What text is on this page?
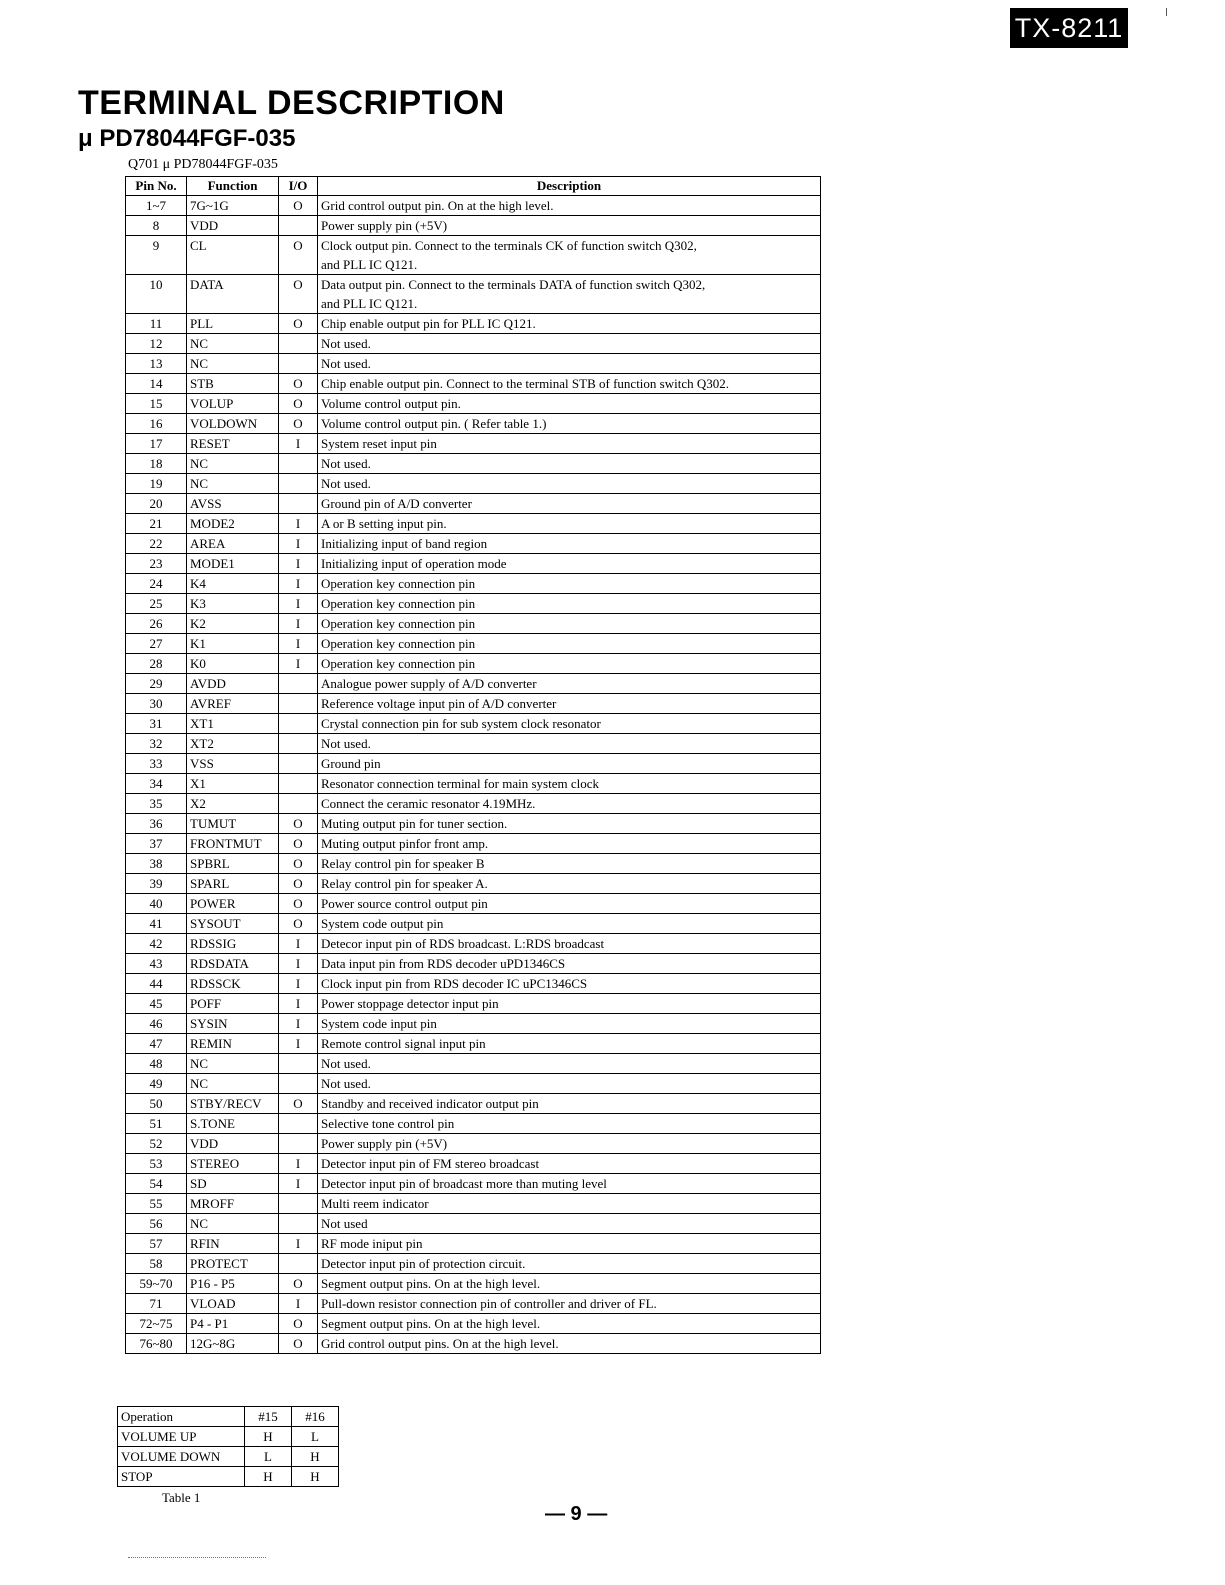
TX-8211
TERMINAL DESCRIPTION
μ PD78044FGF-035
Q701 μ PD78044FGF-035
Pin No.	Function	I/O	Description
1~7	7G~1G	O	Grid control output pin. On at the high level.
8	VDD		Power supply pin (+5V)
9	CL	O	Clock output pin. Connect to the terminals CK of function switch Q302,
and PLL IC Q121.

10	DATA	O	Data output pin. Connect to the terminals DATA of function switch Q302,
and PLL IC Q121.

11	PLL	O	Chip enable output pin for PLL IC Q121.
12	NC		Not used.
13	NC		Not used.
14	STB	O	Chip enable output pin. Connect to the terminal STB of function switch Q302.
15	VOLUP	O	Volume control output pin.
16	VOLDOWN	O	Volume control output pin. ( Refer table 1.)
17	RESET	I	System reset input pin
18	NC		Not used.
19	NC		Not used.
20	AVSS		Ground pin of A/D converter
21	MODE2	I	A or B setting input pin.
22	AREA	I	Initializing input of band region
23	MODE1	I	Initializing input of operation mode
24	K4	I	Operation key connection pin
25	K3	I	Operation key connection pin
26	K2	I	Operation key connection pin
27	K1	I	Operation key connection pin
28	K0	I	Operation key connection pin
29	AVDD		Analogue power supply of A/D converter
30	AVREF		Reference voltage input pin of A/D converter
31	XT1		Crystal connection pin for sub system clock resonator
32	XT2		Not used.
33	VSS		Ground pin
34	X1		Resonator connection terminal for main system clock
35	X2		Connect the ceramic resonator 4.19MHz.
36	TUMUT	O	Muting output pin for tuner section.
37	FRONTMUT	O	Muting output pinfor front amp.
38	SPBRL	O	Relay control pin for speaker B
39	SPARL	O	Relay control pin for speaker A.
40	POWER	O	Power source control output pin
41	SYSOUT	O	System code output pin
42	RDSSIG	I	Detecor input pin of RDS broadcast. L:RDS broadcast
43	RDSDATA	I	Data input pin from RDS decoder uPD1346CS
44	RDSSCK	I	Clock input pin from RDS decoder IC uPC1346CS
45	POFF	I	Power stoppage detector input pin
46	SYSIN	I	System code input pin
47	REMIN	I	Remote control signal input pin
48	NC		Not used.
49	NC		Not used.
50	STBY/RECV	O	Standby and received indicator output pin
51	S.TONE		Selective tone control pin
52	VDD		Power supply pin (+5V)
53	STEREO	I	Detector input pin of FM stereo broadcast
54	SD	I	Detector input pin of broadcast more than muting level
55	MROFF		Multi reem indicator
56	NC		Not used
57	RFIN	I	RF mode iniput pin
58	PROTECT		Detector input pin of protection circuit.
59~70	P16 - P5	O	Segment output pins. On at the high level.
71	VLOAD	I	Pull-down resistor connection pin of controller and driver of FL.
72~75	P4 - P1	O	Segment output pins. On at the high level.
76~80	12G~8G	O	Grid control output pins. On at the high level.
Operation	#15	#16
VOLUME UP	H	L
VOLUME DOWN	L	H
STOP	H	H
Table 1
— 9 —
